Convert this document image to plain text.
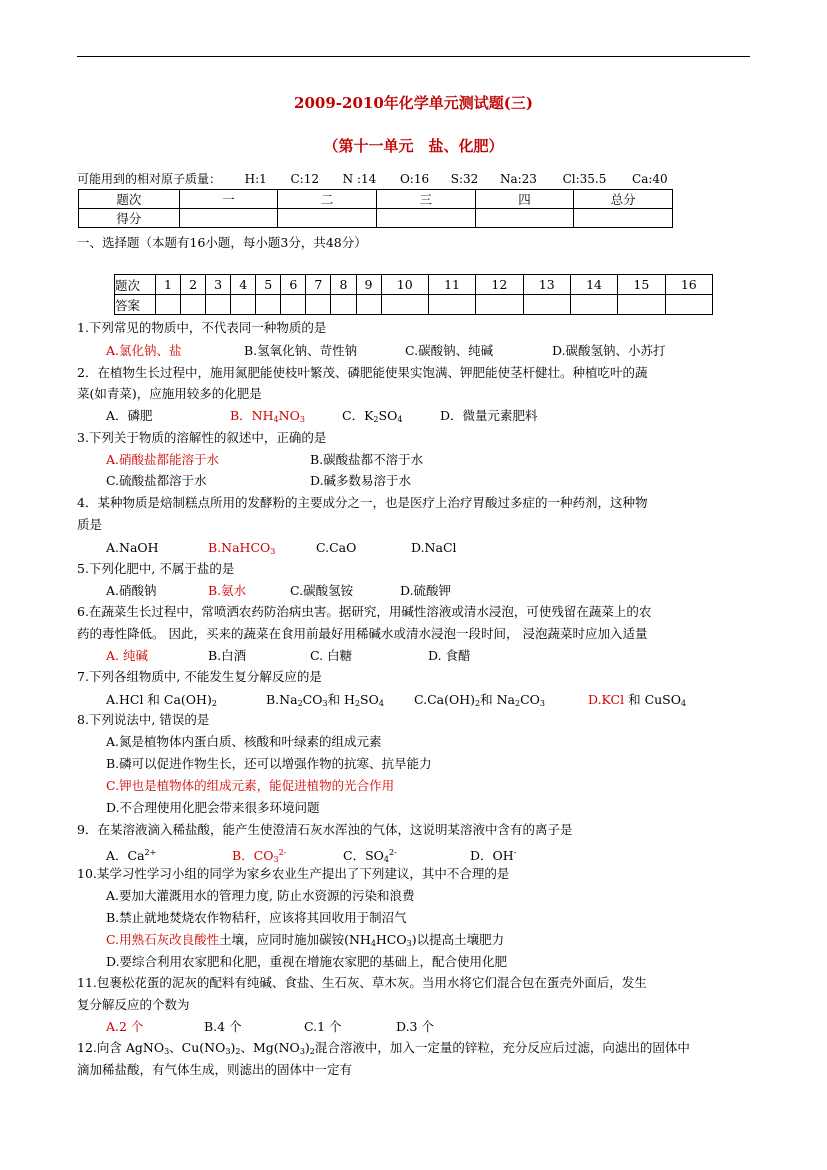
2009-2010年化学单元测试题(三)
（第十一单元　盐、化肥）
可能用到的相对原子质量： H:1 C:12 N :14 O:16 S:32 Na:23 Cl:35.5 Ca:40
题次	一	二	三	四	总分
得分					
一、选择题（本题有16小题，每小题3分，共48分）
题次	1	2	3	4	5	6	7	8	9	10	11	12	13	14	15	16
答案																
1.下列常见的物质中，不代表同一种物质的是
A.氯化钠、盐	B.氢氧化钠、苛性钠	C.碳酸钠、纯碱	D.碳酸氢钠、小苏打
2．在植物生长过程中，施用氮肥能使枝叶繁茂、磷肥能使果实饱满、钾肥能使茎杆健壮。种植吃叶的蔬
菜(如青菜)，应施用较多的化肥是
A．磷肥	B．$NH_4NO_3$	C．$K_2SO_4$	D．微量元素肥料
3.下列关于物质的溶解性的叙述中，正确的是
A.硝酸盐都能溶于水	B.碳酸盐都不溶于水
C.硫酸盐都溶于水	D.碱多数易溶于水
4．某种物质是焙制糕点所用的发酵粉的主要成分之一，也是医疗上治疗胃酸过多症的一种药剂，这种物
质是
A.NaOH	B.NaHCO$_3$	C.CaO	D.NaCl
5.下列化肥中, 不属于盐的是
A.硝酸钠	B.氨水	C.碳酸氢铵	D.硫酸钾
6.在蔬菜生长过程中，常喷洒农药防治病虫害。据研究，用碱性溶液或清水浸泡，可使残留在蔬菜上的农
药的毒性降低。 因此，买来的蔬菜在食用前最好用稀碱水或清水浸泡一段时间， 浸泡蔬菜时应加入适量
A. 纯碱	B.白酒	C. 白糖	D. 食醋
7.下列各组物质中, 不能发生复分解反应的是
A.HCl 和 $Ca(OH)_2$	$B.Na_2CO_3$和 $H_2SO_4$ $C.Ca(OH)_2$和 $Na_2CO_3$	D.KCl 和 CuSO$_4$
8.下列说法中, 错误的是
A.氮是植物体内蛋白质、核酸和叶绿素的组成元素
B.磷可以促进作物生长，还可以增强作物的抗寒、抗旱能力
C.钾也是植物体的组成元素，能促进植物的光合作用
D.不合理使用化肥会带来很多环境问题
9．在某溶液滴入稀盐酸，能产生使澄清石灰水浑浊的气体，这说明某溶液中含有的离子是
A．$Ca^{2+}$	B．$CO_3^{2-}$	C．$SO_4^{2-}$	D．OH-
10.某学习性学习小组的同学为家乡农业生产提出了下列建议，其中不合理的是
A.要加大灌溉用水的管理力度, 防止水资源的污染和浪费
B.禁止就地焚烧农作物秸秆，应该将其回收用于制沼气
C.用熟石灰改良酸性土壤，应同时施加碳铵$(NH_4HCO_3)$以提高土壤肥力
D.要综合利用农家肥和化肥，重视在增施农家肥的基础上，配合使用化肥
11.包裹松花蛋的泥灰的配料有纯碱、食盐、生石灰、草木灰。当用水将它们混合包在蛋壳外面后，发生
复分解反应的个数为
A.2 个	B.4 个	C.1 个	D.3 个
12.向含 AgNO$_3$、$Cu(NO_3)_2$、$Mg(NO_3)_2$混合溶液中，加入一定量的锌粒，充分反应后过滤，向滤出的固体中
滴加稀盐酸，有气体生成，则滤出的固体中一定有
